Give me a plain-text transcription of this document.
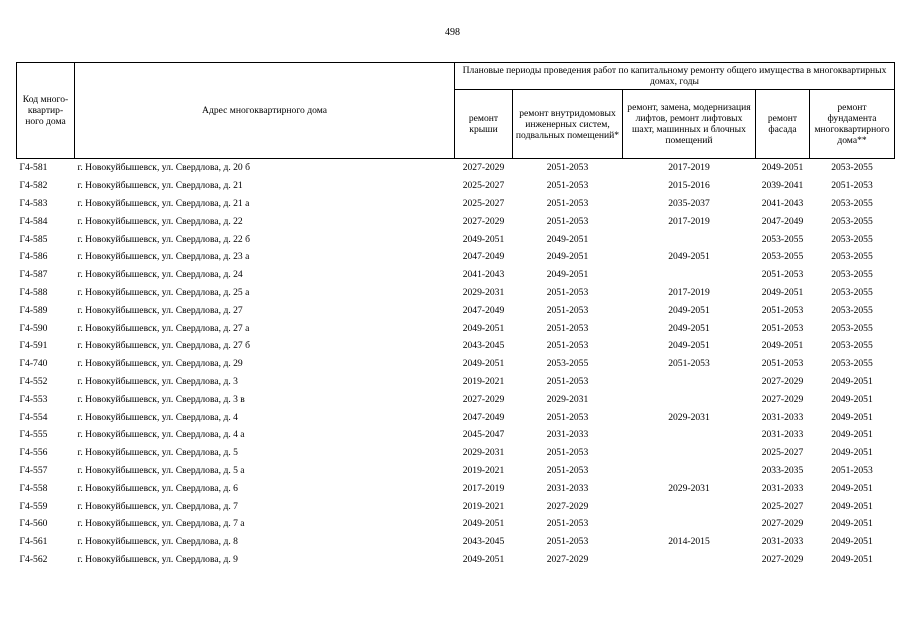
498
Код много-квартир-ного дома	Адрес многоквартирного дома	Плановые периоды проведения работ по капитальному ремонту общего имущества в многоквартирных домах, годы				
		ремонт крыши	ремонт внутридомовых инженерных систем, подвальных помещений*	ремонт, замена, модернизация лифтов, ремонт лифтовых шахт, машинных и блочных помещений	ремонт фасада	ремонт фундамента многоквартирного дома**
Г4-581	г. Новокуйбышевск, ул. Свердлова, д. 20 б	2027-2029	2051-2053	2017-2019	2049-2051	2053-2055
Г4-582	г. Новокуйбышевск, ул. Свердлова, д. 21	2025-2027	2051-2053	2015-2016	2039-2041	2051-2053
Г4-583	г. Новокуйбышевск, ул. Свердлова, д. 21 а	2025-2027	2051-2053	2035-2037	2041-2043	2053-2055
Г4-584	г. Новокуйбышевск, ул. Свердлова, д. 22	2027-2029	2051-2053	2017-2019	2047-2049	2053-2055
Г4-585	г. Новокуйбышевск, ул. Свердлова, д. 22 б	2049-2051	2049-2051		2053-2055	2053-2055
Г4-586	г. Новокуйбышевск, ул. Свердлова, д. 23 а	2047-2049	2049-2051	2049-2051	2053-2055	2053-2055
Г4-587	г. Новокуйбышевск, ул. Свердлова, д. 24	2041-2043	2049-2051		2051-2053	2053-2055
Г4-588	г. Новокуйбышевск, ул. Свердлова, д. 25 а	2029-2031	2051-2053	2017-2019	2049-2051	2053-2055
Г4-589	г. Новокуйбышевск, ул. Свердлова, д. 27	2047-2049	2051-2053	2049-2051	2051-2053	2053-2055
Г4-590	г. Новокуйбышевск, ул. Свердлова, д. 27 а	2049-2051	2051-2053	2049-2051	2051-2053	2053-2055
Г4-591	г. Новокуйбышевск, ул. Свердлова, д. 27 б	2043-2045	2051-2053	2049-2051	2049-2051	2053-2055
Г4-740	г. Новокуйбышевск, ул. Свердлова, д. 29	2049-2051	2053-2055	2051-2053	2051-2053	2053-2055
Г4-552	г. Новокуйбышевск, ул. Свердлова, д. 3	2019-2021	2051-2053		2027-2029	2049-2051
Г4-553	г. Новокуйбышевск, ул. Свердлова, д. 3 в	2027-2029	2029-2031		2027-2029	2049-2051
Г4-554	г. Новокуйбышевск, ул. Свердлова, д. 4	2047-2049	2051-2053	2029-2031	2031-2033	2049-2051
Г4-555	г. Новокуйбышевск, ул. Свердлова, д. 4 а	2045-2047	2031-2033		2031-2033	2049-2051
Г4-556	г. Новокуйбышевск, ул. Свердлова, д. 5	2029-2031	2051-2053		2025-2027	2049-2051
Г4-557	г. Новокуйбышевск, ул. Свердлова, д. 5 а	2019-2021	2051-2053		2033-2035	2051-2053
Г4-558	г. Новокуйбышевск, ул. Свердлова, д. 6	2017-2019	2031-2033	2029-2031	2031-2033	2049-2051
Г4-559	г. Новокуйбышевск, ул. Свердлова, д. 7	2019-2021	2027-2029		2025-2027	2049-2051
Г4-560	г. Новокуйбышевск, ул. Свердлова, д. 7 а	2049-2051	2051-2053		2027-2029	2049-2051
Г4-561	г. Новокуйбышевск, ул. Свердлова, д. 8	2043-2045	2051-2053	2014-2015	2031-2033	2049-2051
Г4-562	г. Новокуйбышевск, ул. Свердлова, д. 9	2049-2051	2027-2029		2027-2029	2049-2051
